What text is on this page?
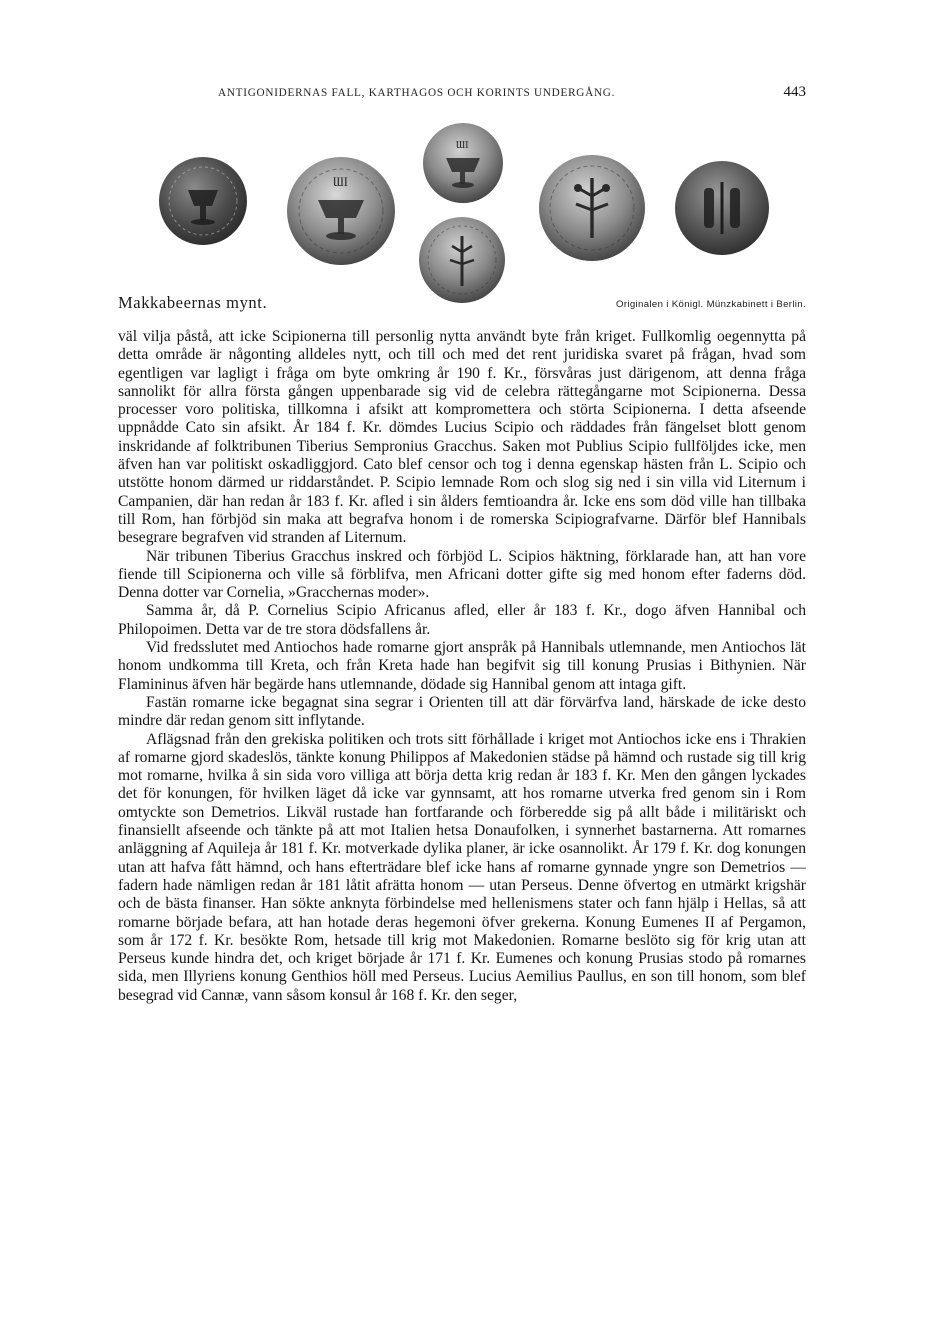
ANTIGONIDERNAS FALL, KARTHAGOS OCH KORINTS UNDERGÅNG.	443
ƜI
ƜI
Makkabeernas mynt.	Originalen i Königl. Münzkabinett i Berlin.

väl vilja påstå, att icke Scipionerna till personlig nytta användt byte från kriget. Fullkomlig oegennytta på detta område är någonting alldeles nytt, och till och med det rent juridiska svaret på frågan, hvad som egentligen var lagligt i fråga om byte omkring år 190 f. Kr., försvåras just därigenom, att denna fråga sannolikt för allra första gången uppenbarade sig vid de celebra rättegångarne mot Scipionerna. Dessa processer voro politiska, tillkomna i afsikt att kompromettera och störta Scipionerna. I detta afseende uppnådde Cato sin afsikt. År 184 f. Kr. dömdes Lucius Scipio och räddades från fängelset blott genom inskridande af folktribunen Tiberius Sempronius Gracchus. Saken mot Publius Scipio fullföljdes icke, men äfven han var politiskt oskadliggjord. Cato blef censor och tog i denna egenskap hästen från L. Scipio och utstötte honom därmed ur riddarståndet. P. Scipio lemnade Rom och slog sig ned i sin villa vid Liternum i Campanien, där han redan år 183 f. Kr. afled i sin ålders femtioandra år. Icke ens som död ville han tillbaka till Rom, han förbjöd sin maka att begrafva honom i de romerska Scipiografvarne. Därför blef Hannibals besegrare begrafven vid stranden af Liternum.

När tribunen Tiberius Gracchus inskred och förbjöd L. Scipios häktning, förklarade han, att han vore fiende till Scipionerna och ville så förblifva, men Africani dotter gifte sig med honom efter faderns död. Denna dotter var Cornelia, »Gracchernas moder».

Samma år, då P. Cornelius Scipio Africanus afled, eller år 183 f. Kr., dogo äfven Hannibal och Philopoimen. Detta var de tre stora dödsfallens år.

Vid fredsslutet med Antiochos hade romarne gjort anspråk på Hannibals utlemnande, men Antiochos lät honom undkomma till Kreta, och från Kreta hade han begifvit sig till konung Prusias i Bithynien. När Flamininus äfven här begärde hans utlemnande, dödade sig Hannibal genom att intaga gift.

Fastän romarne icke begagnat sina segrar i Orienten till att där förvärfva land, härskade de icke desto mindre där redan genom sitt inflytande.

Aflägsnad från den grekiska politiken och trots sitt förhållade i kriget mot Antiochos icke ens i Thrakien af romarne gjord skadeslös, tänkte konung Philippos af Makedonien städse på hämnd och rustade sig till krig mot romarne, hvilka å sin sida voro villiga att börja detta krig redan år 183 f. Kr. Men den gången lyckades det för konungen, för hvilken läget då icke var gynnsamt, att hos romarne utverka fred genom sin i Rom omtyckte son Demetrios. Likväl rustade han fortfarande och förberedde sig på allt både i militäriskt och finansiellt afseende och tänkte på att mot Italien hetsa Donaufolken, i synnerhet bastarnerna. Att romarnes anläggning af Aquileja år 181 f. Kr. motverkade dylika planer, är icke osannolikt. År 179 f. Kr. dog konungen utan att hafva fått hämnd, och hans efterträdare blef icke hans af romarne gynnade yngre son Demetrios — fadern hade nämligen redan år 181 låtit afrätta honom — utan Perseus. Denne öfvertog en utmärkt krigshär och de bästa finanser. Han sökte anknyta förbindelse med hellenismens stater och fann hjälp i Hellas, så att romarne började befara, att han hotade deras hegemoni öfver grekerna. Konung Eumenes II af Pergamon, som år 172 f. Kr. besökte Rom, hetsade till krig mot Makedonien. Romarne beslöto sig för krig utan att Perseus kunde hindra det, och kriget började år 171 f. Kr. Eumenes och konung Prusias stodo på romarnes sida, men Illyriens konung Genthios höll med Perseus. Lucius Aemilius Paullus, en son till honom, som blef besegrad vid Cannæ, vann såsom konsul år 168 f. Kr. den seger,
